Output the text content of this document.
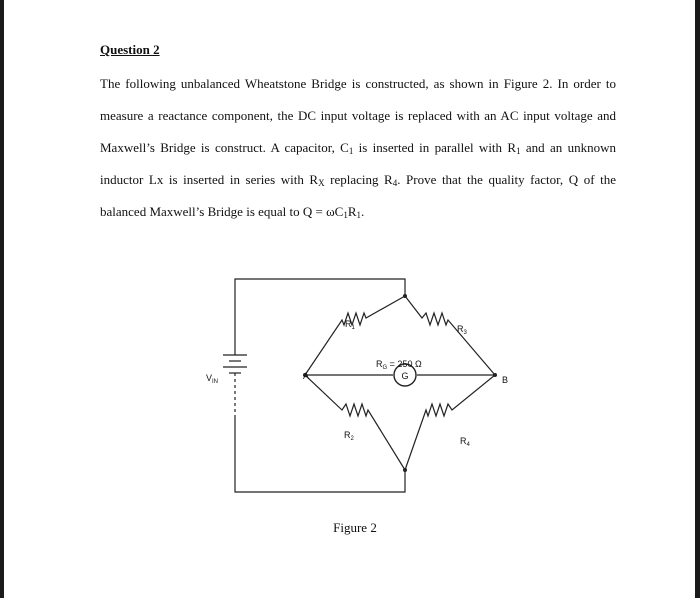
Question 2

The following unbalanced Wheatstone Bridge is constructed, as shown in Figure 2. In order to measure a reactance component, the DC input voltage is replaced with an AC input voltage and Maxwell’s Bridge is construct. A capacitor, $C_1$ is inserted in parallel with $R_1$ and an unknown inductor Lx is inserted in series with $R_X$ replacing $R_4$. Prove that the quality factor, Q of the balanced Maxwell’s Bridge is equal to $Q = \omega C_1R_1$.

$V_{IN}$
$R_1$	$R_3$
$R_2$	$R_4$
$R_G = 250$ Ω
G
A	B
Figure 2
